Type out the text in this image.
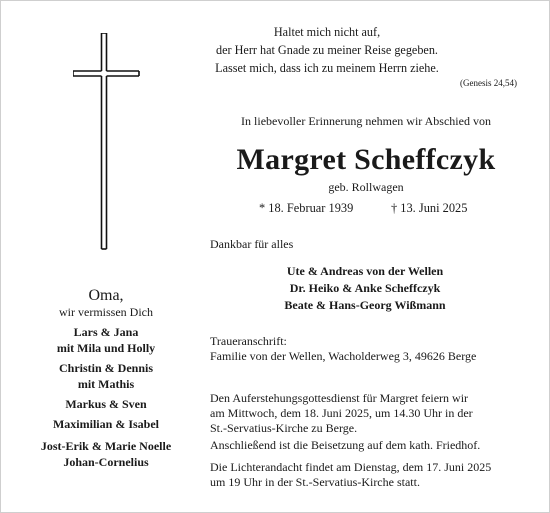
Haltet mich nicht auf,
der Herr hat Gnade zu meiner Reise gegeben.
Lasset mich, dass ich zu meinem Herrn ziehe.
(Genesis 24,54)
In liebevoller Erinnerung nehmen wir Abschied von
Margret Scheffczyk
geb. Rollwagen
* 18. Februar 1939	† 13. Juni 2025
Dankbar für alles
Ute & Andreas von der Wellen
Dr. Heiko & Anke Scheffczyk
Beate & Hans-Georg Wißmann
Oma,
wir vermissen Dich
Lars & Jana
mit Mila und Holly
Christin & Dennis
mit Mathis
Markus & Sven
Maximilian & Isabel
Jost-Erik & Marie Noelle
Johan-Cornelius
Traueranschrift:
Familie von der Wellen, Wacholderweg 3, 49626 Berge
Den Auferstehungsgottesdienst für Margret feiern wir
am Mittwoch, dem 18. Juni 2025, um 14.30 Uhr in der
St.-Servatius-Kirche zu Berge.
Anschließend ist die Beisetzung auf dem kath. Friedhof.
Die Lichterandacht findet am Dienstag, dem 17. Juni 2025
um 19 Uhr in der St.-Servatius-Kirche statt.
